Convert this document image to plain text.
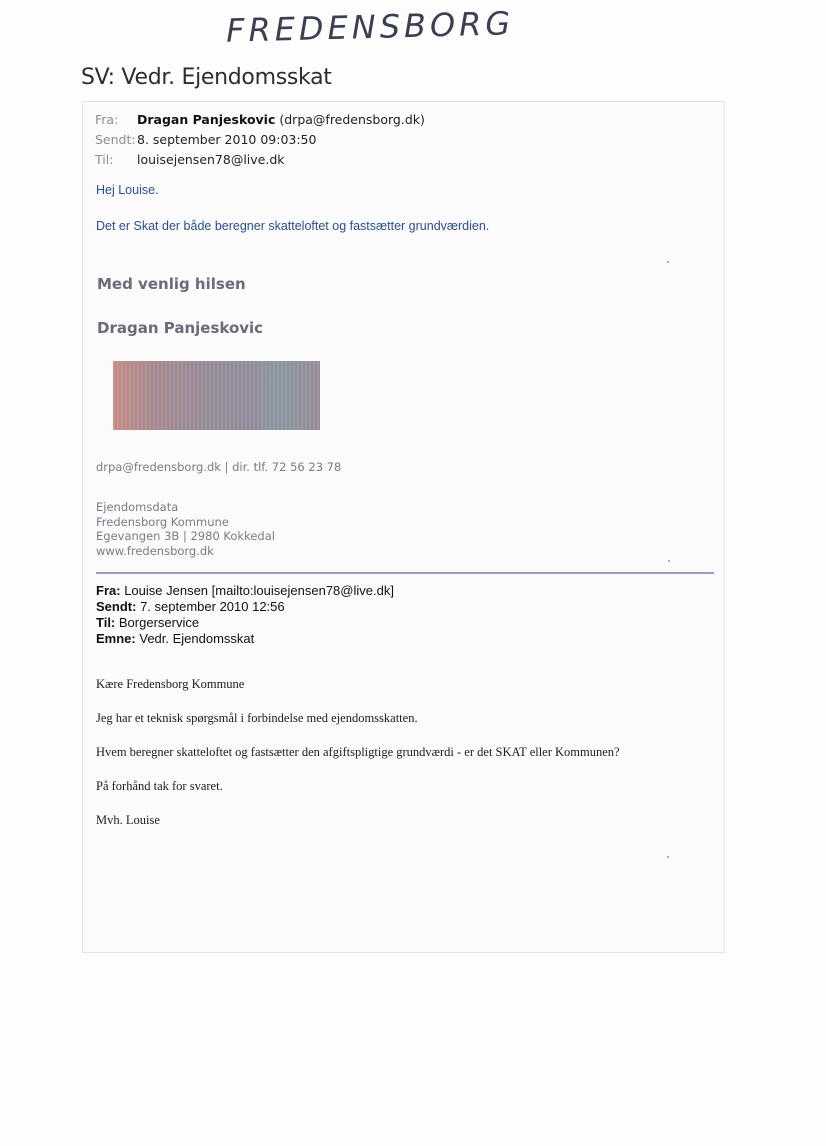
FREDENSBORG
SV: Vedr. Ejendomsskat
Fra: Dragan Panjeskovic (drpa@fredensborg.dk)
Sendt:8. september 2010 09:03:50
Til: louisejensen78@live.dk
Hej Louise.
Det er Skat der både beregner skatteloftet og fastsætter grundværdien.
Med venlig hilsen
Dragan Panjeskovic
drpa@fredensborg.dk | dir. tlf. 72 56 23 78
Ejendomsdata
Fredensborg Kommune
Egevangen 3B | 2980 Kokkedal
www.fredensborg.dk
Fra: Louise Jensen [mailto:louisejensen78@live.dk]
Sendt: 7. september 2010 12:56
Til: Borgerservice
Emne: Vedr. Ejendomsskat
Kære Fredensborg Kommune
Jeg har et teknisk spørgsmål i forbindelse med ejendomsskatten.
Hvem beregner skatteloftet og fastsætter den afgiftspligtige grundværdi - er det SKAT eller Kommunen?
På forhånd tak for svaret.
Mvh. Louise
